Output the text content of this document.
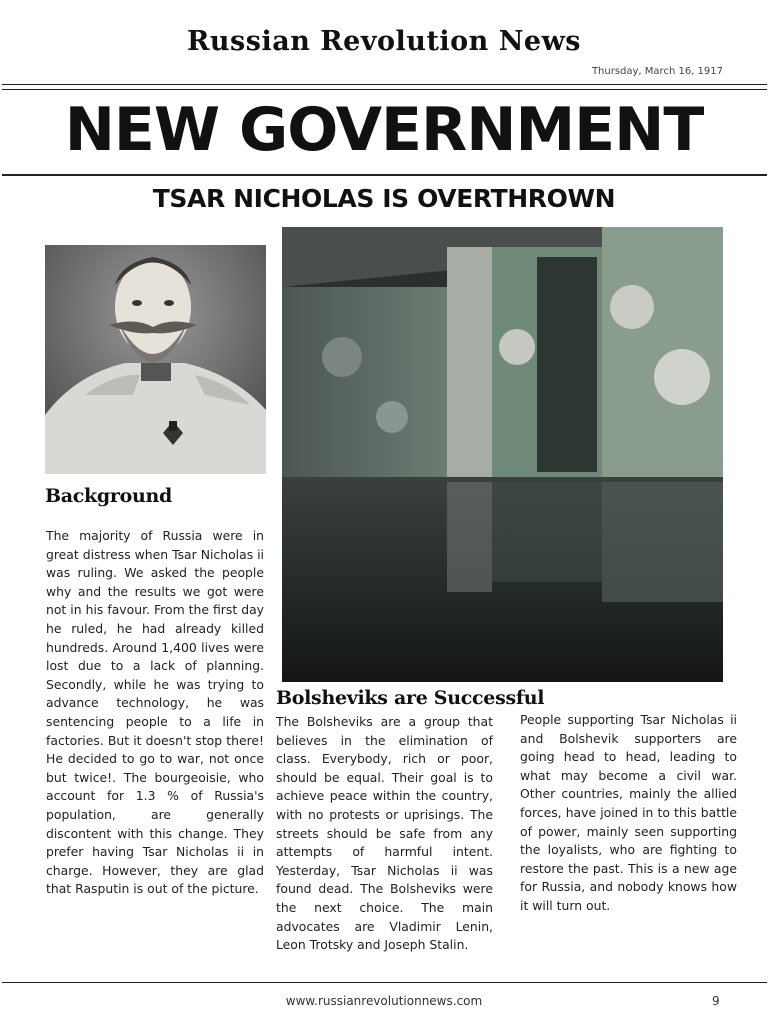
Russian Revolution News
Thursday, March 16, 1917
NEW GOVERNMENT
TSAR NICHOLAS IS OVERTHROWN
Background
The majority of Russia were in great distress when Tsar Nicholas ii was ruling. We asked the people why and the results we got were not in his favour. From the first day he ruled, he had already killed hundreds. Around 1,400 lives were lost due to a lack of planning. Secondly, while he was trying to advance technology, he was sentencing people to a life in factories. But it doesn't stop there! He decided to go to war, not once but twice!. The bourgeoisie, who account for 1.3 % of Russia's population, are generally discontent with this change. They prefer having Tsar Nicholas ii in charge. However, they are glad that Rasputin is out of the picture.
Bolsheviks are Successful
The Bolsheviks are a group that believes in the elimination of class. Everybody, rich or poor, should be equal. Their goal is to achieve peace within the country, with no protests or uprisings. The streets should be safe from any attempts of harmful intent. Yesterday, Tsar Nicholas ii was found dead. The Bolsheviks were the next choice. The main advocates are Vladimir Lenin, Leon Trotsky and Joseph Stalin.
People supporting Tsar Nicholas ii and Bolshevik supporters are going head to head, leading to what may become a civil war. Other countries, mainly the allied forces, have joined in to this battle of power, mainly seen supporting the loyalists, who are fighting to restore the past. This is a new age for Russia, and nobody knows how it will turn out.
www.russianrevolutionnews.com	9
